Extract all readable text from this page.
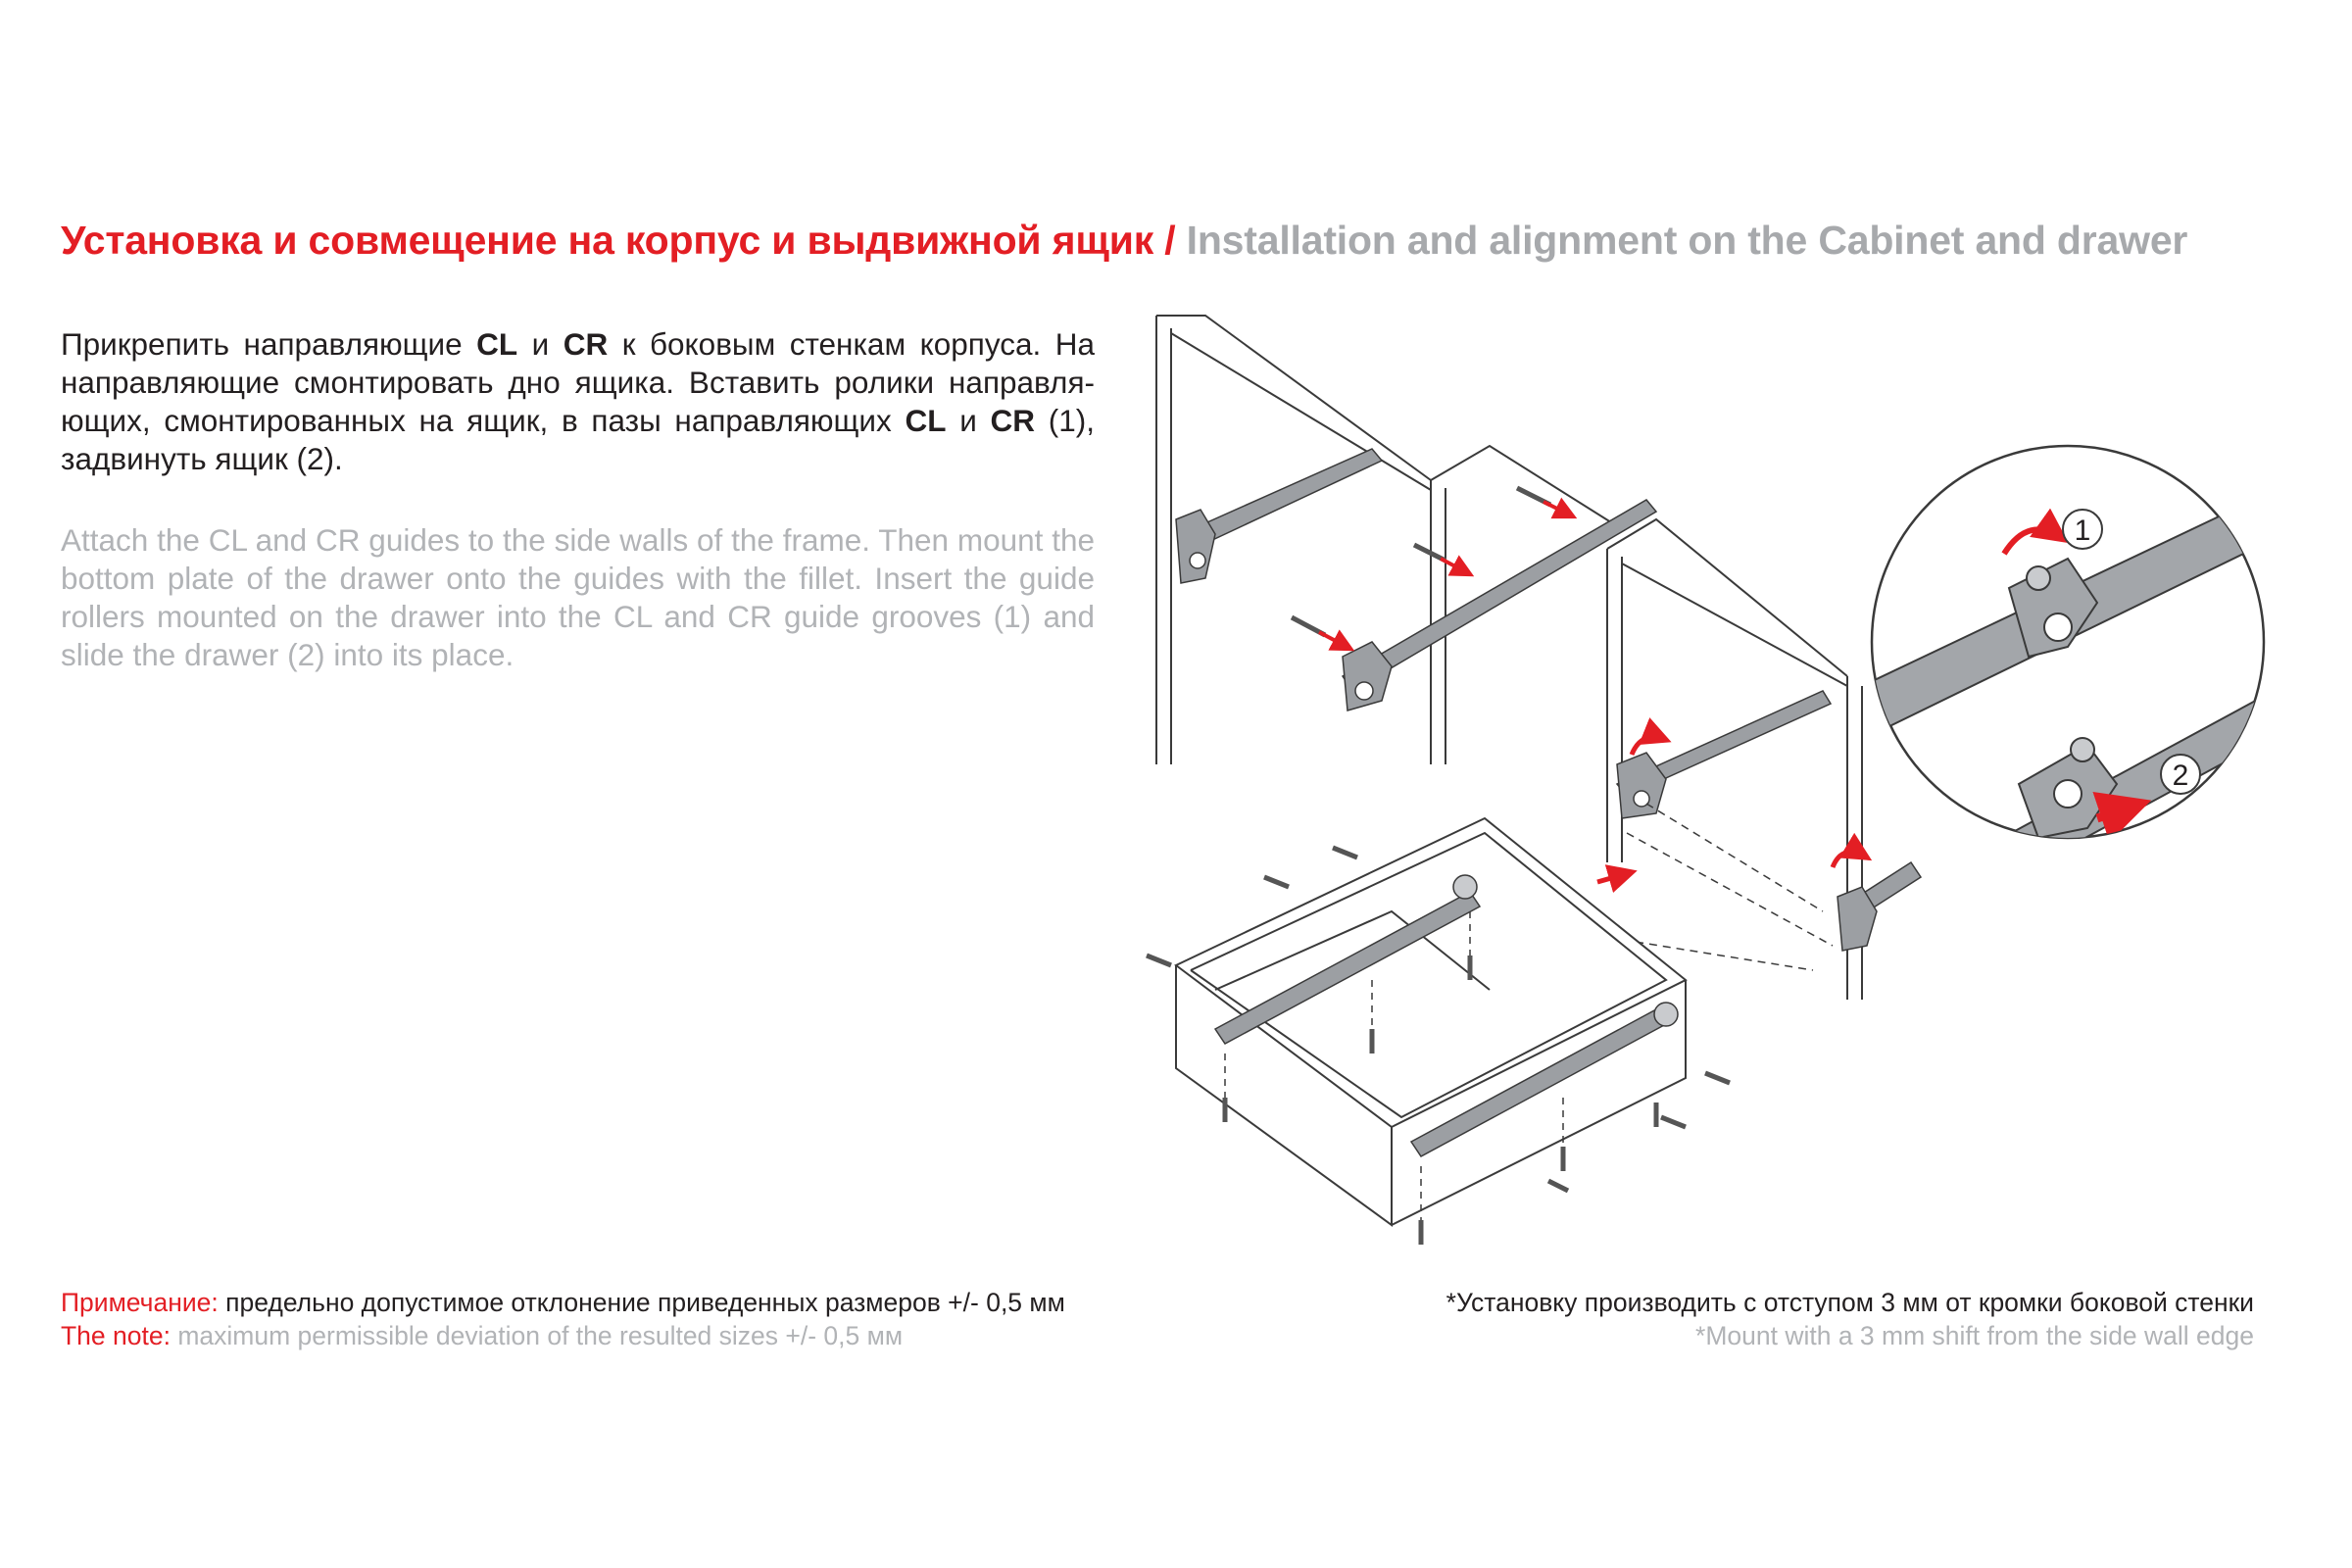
Установка и совмещение на корпус и выдвижной ящик / Installation and alignment on the Cabinet and drawer
Прикрепить направляющие CL и CR к боковым стенкам корпуса. На направляющие смонтировать дно ящика. Вставить ролики направля-ющих, смонтированных на ящик, в пазы направляющих CL и CR (1), задвинуть ящик (2).
Attach the CL and CR guides to the side walls of the frame. Then mount the bottom plate of the drawer onto the guides with the fillet. Insert the guide rollers mounted on the drawer into the CL and CR guide grooves (1) and slide the drawer (2) into its place.
Примечание: предельно допустимое отклонение приведенных размеров +/- 0,5 мм
The note: maximum permissible deviation of the resulted sizes +/- 0,5 мм
*Установку производить с отступом 3 мм от кромки боковой стенки
*Mount with a 3 mm shift from the side wall edge
1
2
